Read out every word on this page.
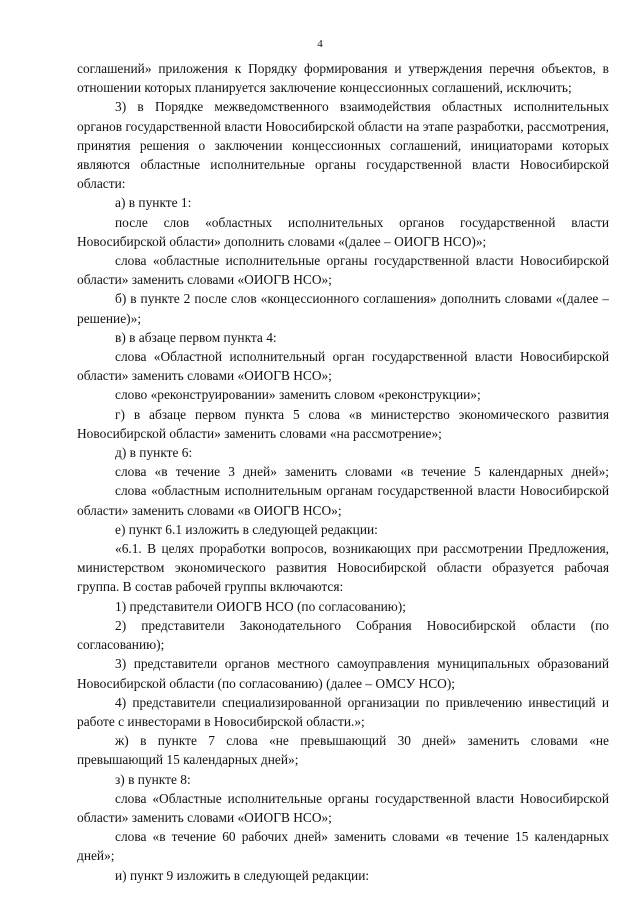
4

соглашений» приложения к Порядку формирования и утверждения перечня объектов, в отношении которых планируется заключение концессионных соглашений, исключить;

3) в Порядке межведомственного взаимодействия областных исполнительных органов государственной власти Новосибирской области на этапе разработки, рассмотрения, принятия решения о заключении концессионных соглашений, инициаторами которых являются областные исполнительные органы государственной власти Новосибирской области:

а) в пункте 1:

после слов «областных исполнительных органов государственной власти Новосибирской области» дополнить словами «(далее – ОИОГВ НСО)»;

слова «областные исполнительные органы государственной власти Новосибирской области» заменить словами «ОИОГВ НСО»;

б) в пункте 2 после слов «концессионного соглашения» дополнить словами «(далее – решение)»;

в) в абзаце первом пункта 4:

слова «Областной исполнительный орган государственной власти Новосибирской области» заменить словами «ОИОГВ НСО»;

слово «реконструировании» заменить словом «реконструкции»;

г) в абзаце первом пункта 5 слова «в министерство экономического развития Новосибирской области» заменить словами «на рассмотрение»;

д) в пункте 6:

слова «в течение 3 дней» заменить словами «в течение 5 календарных дней»;

слова «областным исполнительным органам государственной власти Новосибирской области» заменить словами «в ОИОГВ НСО»;

е) пункт 6.1 изложить в следующей редакции:

«6.1. В целях проработки вопросов, возникающих при рассмотрении Предложения, министерством экономического развития Новосибирской области образуется рабочая группа. В состав рабочей группы включаются:

1) представители ОИОГВ НСО (по согласованию);

2) представители Законодательного Собрания Новосибирской области (по согласованию);

3) представители органов местного самоуправления муниципальных образований Новосибирской области (по согласованию) (далее – ОМСУ НСО);

4) представители специализированной организации по привлечению инвестиций и работе с инвесторами в Новосибирской области.»;

ж) в пункте 7 слова «не превышающий 30 дней» заменить словами «не превышающий 15 календарных дней»;

з) в пункте 8:

слова «Областные исполнительные органы государственной власти Новосибирской области» заменить словами «ОИОГВ НСО»;

слова «в течение 60 рабочих дней» заменить словами «в течение 15 календарных дней»;

и) пункт 9 изложить в следующей редакции:
